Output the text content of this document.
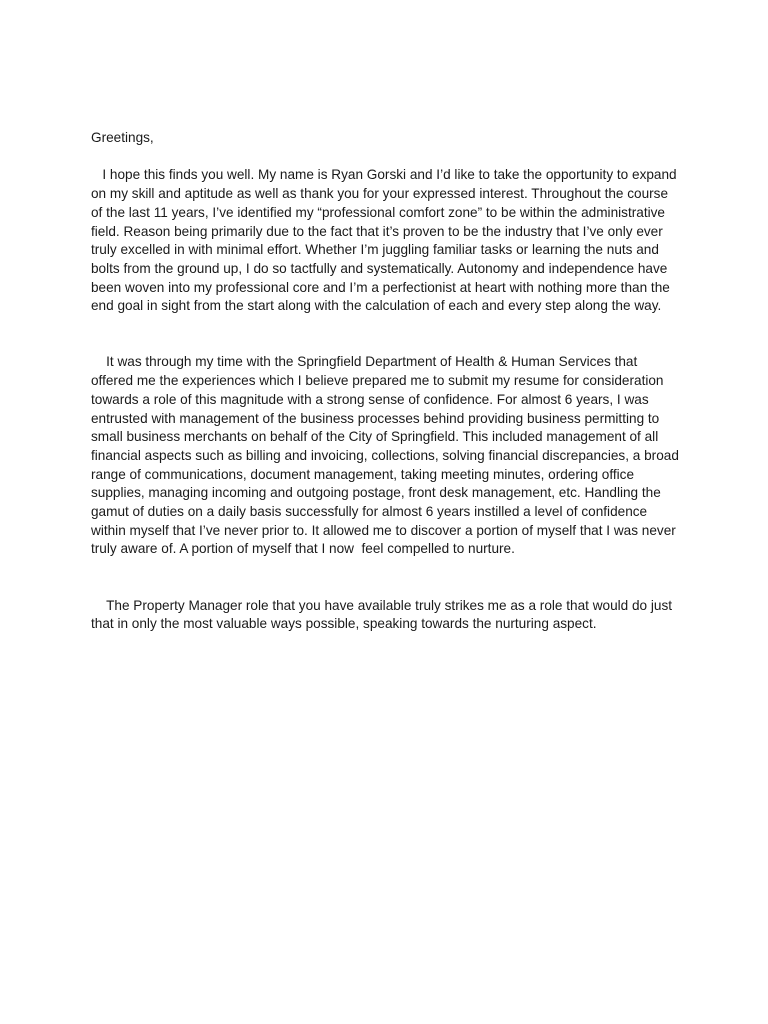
Greetings,

I hope this finds you well. My name is Ryan Gorski and I’d like to take the opportunity to expand on my skill and aptitude as well as thank you for your expressed interest. Throughout the course of the last 11 years, I’ve identified my “professional comfort zone” to be within the administrative field. Reason being primarily due to the fact that it’s proven to be the industry that I’ve only ever truly excelled in with minimal effort. Whether I’m juggling familiar tasks or learning the nuts and bolts from the ground up, I do so tactfully and systematically. Autonomy and independence have been woven into my professional core and I’m a perfectionist at heart with nothing more than the end goal in sight from the start along with the calculation of each and every step along the way.

It was through my time with the Springfield Department of Health & Human Services that offered me the experiences which I believe prepared me to submit my resume for consideration towards a role of this magnitude with a strong sense of confidence. For almost 6 years, I was entrusted with management of the business processes behind providing business permitting to small business merchants on behalf of the City of Springfield. This included management of all financial aspects such as billing and invoicing, collections, solving financial discrepancies, a broad range of communications, document management, taking meeting minutes, ordering office supplies, managing incoming and outgoing postage, front desk management, etc. Handling the gamut of duties on a daily basis successfully for almost 6 years instilled a level of confidence within myself that I’ve never prior to. It allowed me to discover a portion of myself that I was never truly aware of. A portion of myself that I now  feel compelled to nurture.

The Property Manager role that you have available truly strikes me as a role that would do just that in only the most valuable ways possible, speaking towards the nurturing aspect.
